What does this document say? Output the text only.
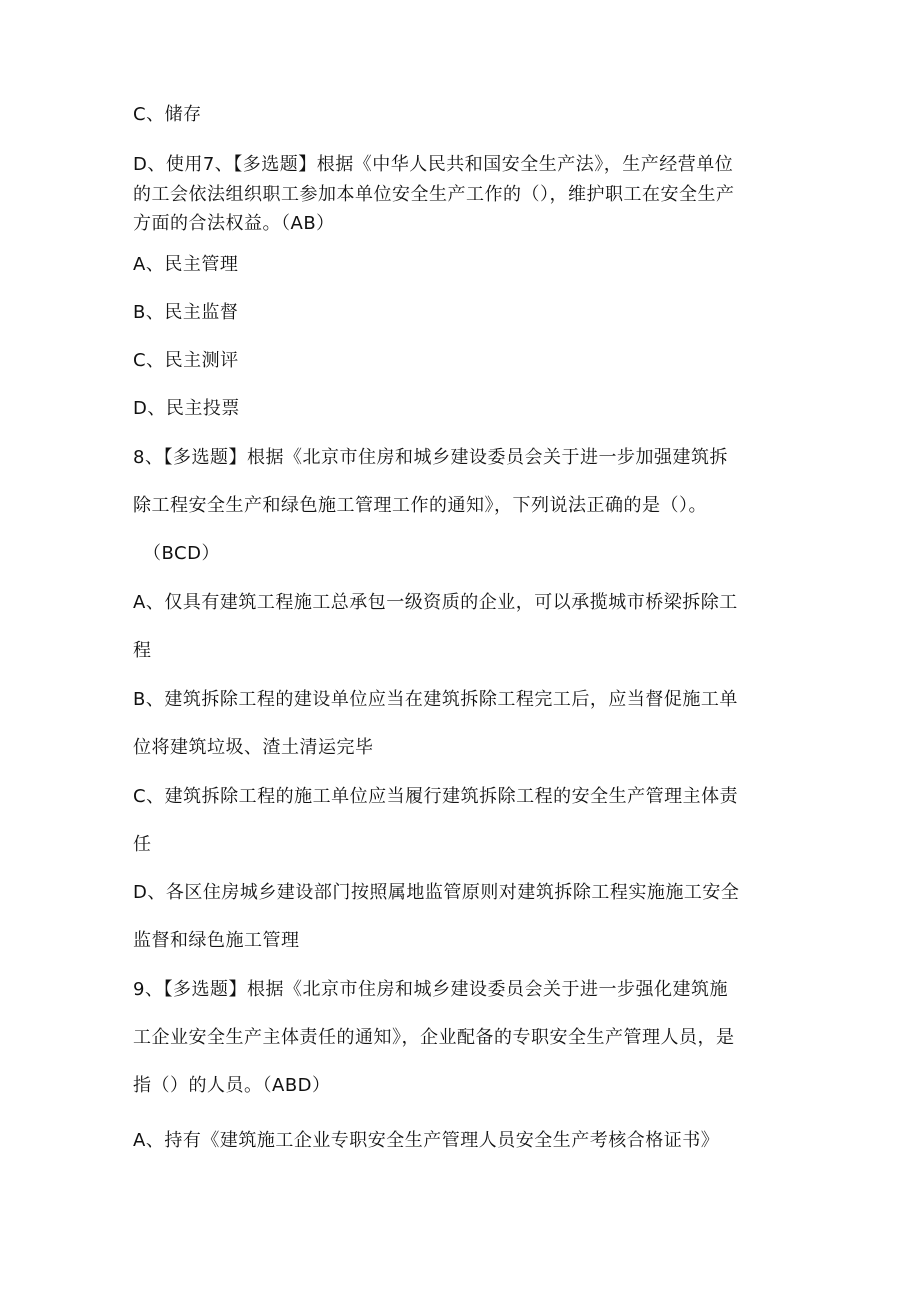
C、储存
D、使用7、【多选题】根据《中华人民共和国安全生产法》，生产经营单位
的工会依法组织职工参加本单位安全生产工作的（），维护职工在安全生产
方面的合法权益。（AB）
A、民主管理
B、民主监督
C、民主测评
D、民主投票
8、【多选题】根据《北京市住房和城乡建设委员会关于进一步加强建筑拆
除工程安全生产和绿色施工管理工作的通知》，下列说法正确的是（）。
（BCD）
A、仅具有建筑工程施工总承包一级资质的企业，可以承揽城市桥梁拆除工
程
B、建筑拆除工程的建设单位应当在建筑拆除工程完工后，应当督促施工单
位将建筑垃圾、渣土清运完毕
C、建筑拆除工程的施工单位应当履行建筑拆除工程的安全生产管理主体责
任
D、各区住房城乡建设部门按照属地监管原则对建筑拆除工程实施施工安全
监督和绿色施工管理
9、【多选题】根据《北京市住房和城乡建设委员会关于进一步强化建筑施
工企业安全生产主体责任的通知》，企业配备的专职安全生产管理人员，是
指（）的人员。（ABD）
A、持有《建筑施工企业专职安全生产管理人员安全生产考核合格证书》
